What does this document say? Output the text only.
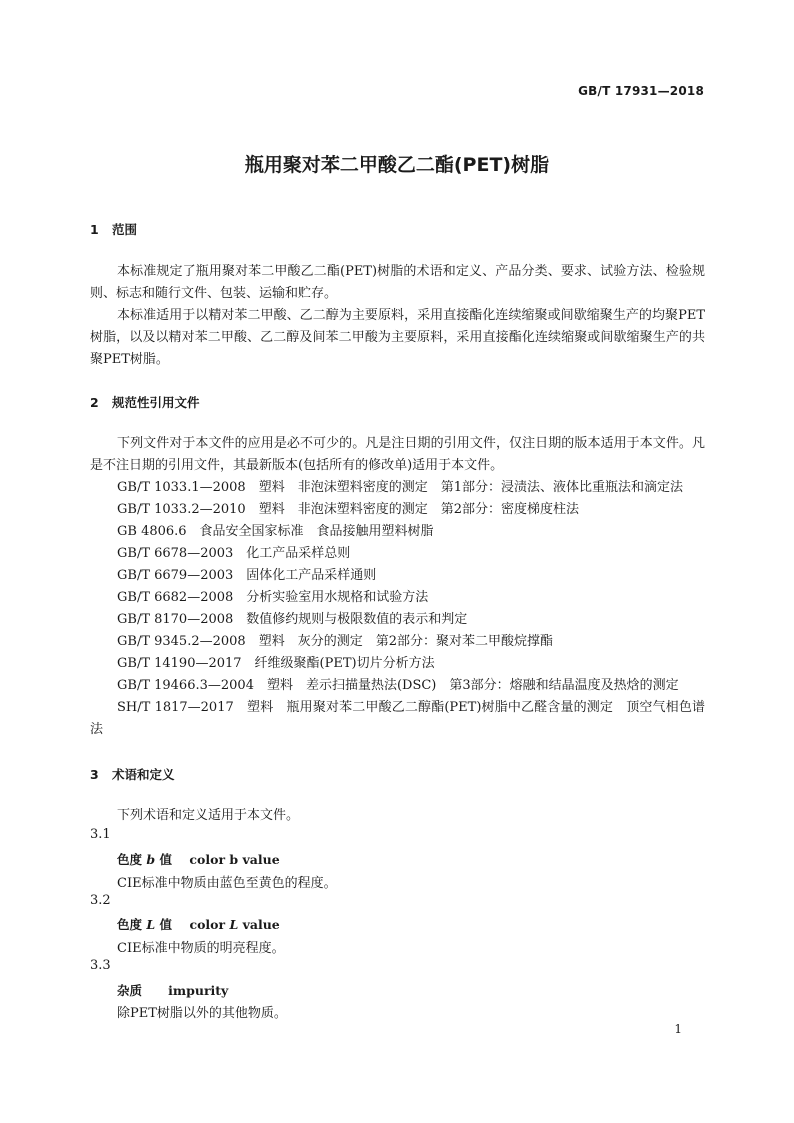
GB/T 17931—2018
瓶用聚对苯二甲酸乙二酯(PET)树脂
1 范围
本标准规定了瓶用聚对苯二甲酸乙二酯(PET)树脂的术语和定义、产品分类、要求、试验方法、检验规则、标志和随行文件、包装、运输和贮存。
本标准适用于以精对苯二甲酸、乙二醇为主要原料，采用直接酯化连续缩聚或间歇缩聚生产的均聚PET树脂，以及以精对苯二甲酸、乙二醇及间苯二甲酸为主要原料，采用直接酯化连续缩聚或间歇缩聚生产的共聚PET树脂。
2 规范性引用文件
下列文件对于本文件的应用是必不可少的。凡是注日期的引用文件，仅注日期的版本适用于本文件。凡是不注日期的引用文件，其最新版本(包括所有的修改单)适用于本文件。
GB/T 1033.1—2008　塑料　非泡沫塑料密度的测定　第1部分：浸渍法、液体比重瓶法和滴定法
GB/T 1033.2—2010　塑料　非泡沫塑料密度的测定　第2部分：密度梯度柱法
GB 4806.6　食品安全国家标准　食品接触用塑料树脂
GB/T 6678—2003　化工产品采样总则
GB/T 6679—2003　固体化工产品采样通则
GB/T 6682—2008　分析实验室用水规格和试验方法
GB/T 8170—2008　数值修约规则与极限数值的表示和判定
GB/T 9345.2—2008　塑料　灰分的测定　第2部分：聚对苯二甲酸烷撑酯
GB/T 14190—2017　纤维级聚酯(PET)切片分析方法
GB/T 19466.3—2004　塑料　差示扫描量热法(DSC)　第3部分：熔融和结晶温度及热焓的测定
SH/T 1817—2017　塑料　瓶用聚对苯二甲酸乙二醇酯(PET)树脂中乙醛含量的测定　顶空气相色谱法
3 术语和定义
下列术语和定义适用于本文件。
3.1
色度 b 值 color b value
CIE标准中物质由蓝色至黄色的程度。
3.2
色度 L 值 color L value
CIE标准中物质的明亮程度。
3.3
杂质 impurity
除PET树脂以外的其他物质。
1
